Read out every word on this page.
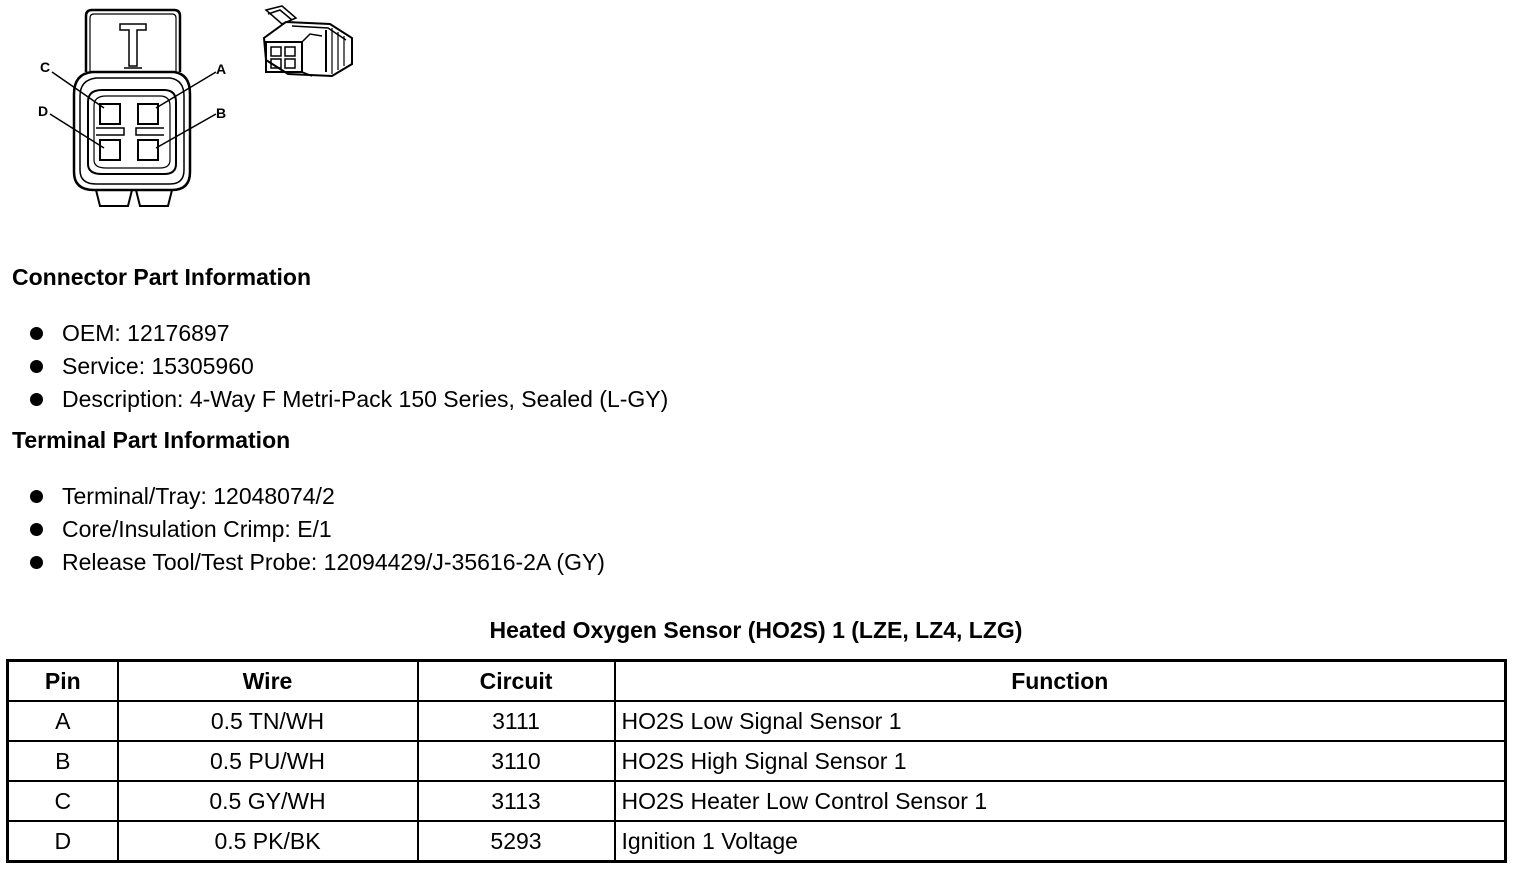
C	A
D	B
Connector Part Information
OEM: 12176897
Service: 15305960
Description: 4-Way F Metri-Pack 150 Series, Sealed (L-GY)
Terminal Part Information
Terminal/Tray: 12048074/2
Core/Insulation Crimp: E/1
Release Tool/Test Probe: 12094429/J-35616-2A (GY)
Heated Oxygen Sensor (HO2S) 1 (LZE, LZ4, LZG)
Pin	Wire	Circuit	Function
A	0.5 TN/WH	3111	HO2S Low Signal Sensor 1
B	0.5 PU/WH	3110	HO2S High Signal Sensor 1
C	0.5 GY/WH	3113	HO2S Heater Low Control Sensor 1
D	0.5 PK/BK	5293	Ignition 1 Voltage
